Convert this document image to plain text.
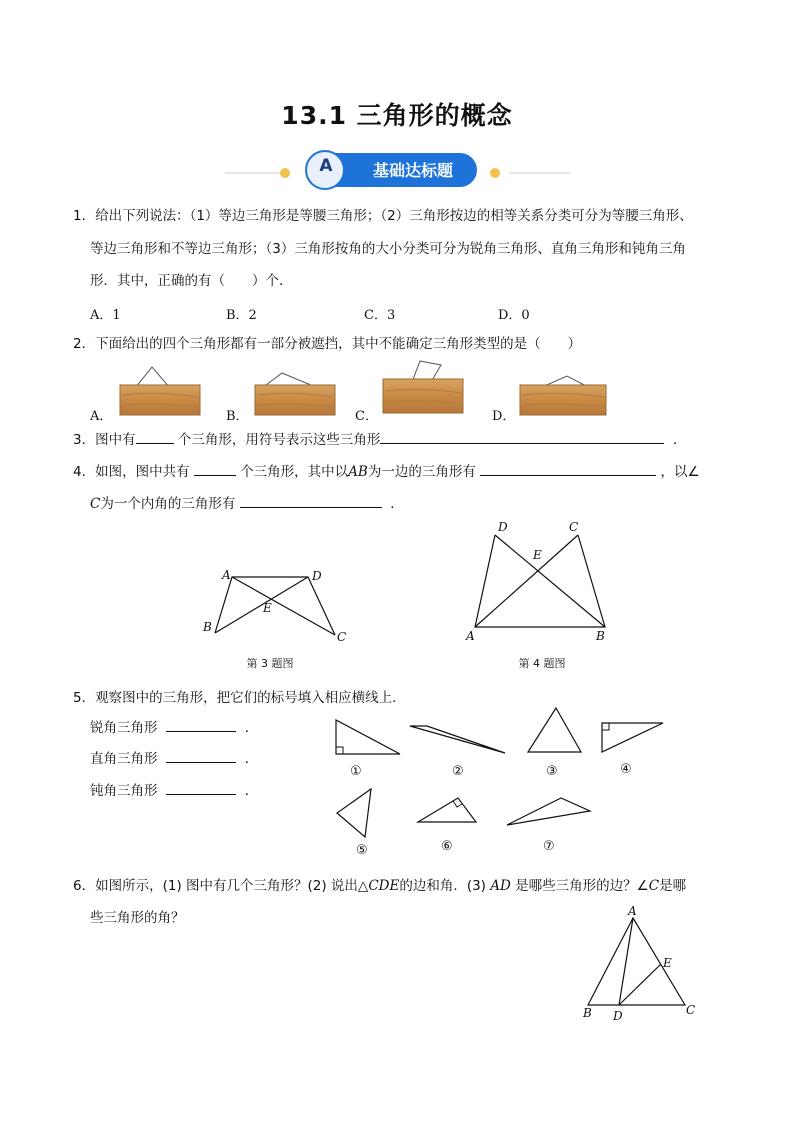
13.1 三角形的概念
A	基础达标题
1．给出下列说法：（1）等边三角形是等腰三角形；（2）三角形按边的相等关系分类可分为等腰三角形、
等边三角形和不等边三角形；（3）三角形按角的大小分类可分为锐角三角形、直角三角形和钝角三角
形．其中，正确的有（　　）个．
A．1	B．2	C．3	D．0
2．下面给出的四个三角形都有一部分被遮挡，其中不能确定三角形类型的是（　　）
A．	B．	C．	D．
3．图中有	个三角形，用符号表示这些三角形	．
4．如图，图中共有	个三角形，其中以AB为一边的三角形有	，以∠
C为一个内角的三角形有	．
A	D
E
B
C
第 3 题图
D	C
E
A	B
第 4 题图
5．观察图中的三角形，把它们的标号填入相应横线上．
锐角三角形	．
直角三角形	．
钝角三角形	．
①	②	③	④
⑤	⑥	⑦
6．如图所示，(1) 图中有几个三角形？(2) 说出△CDE的边和角．(3) AD 是哪些三角形的边？∠C是哪
些三角形的角？	A
E
B D	C
